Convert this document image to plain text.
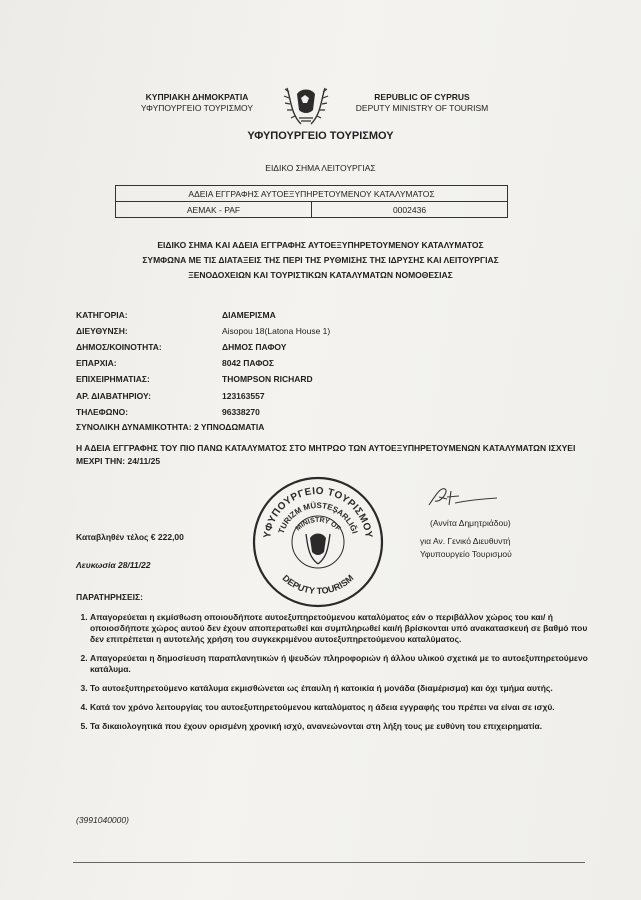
ΚΥΠΡΙΑΚΗ ΔΗΜΟΚΡΑΤΙΑ
ΥΦΥΠΟΥΡΓΕΙΟ ΤΟΥΡΙΣΜΟΥ
REPUBLIC OF CYPRUS
DEPUTY MINISTRY OF TOURISM
ΥΦΥΠΟΥΡΓΕΙΟ ΤΟΥΡΙΣΜΟΥ
ΕΙΔΙΚΟ ΣΗΜΑ ΛΕΙΤΟΥΡΓΙΑΣ
ΑΔΕΙΑ ΕΓΓΡΑΦΗΣ ΑΥΤΟΕΞΥΠΗΡΕΤΟΥΜΕΝΟΥ ΚΑΤΑΛΥΜΑΤΟΣ
ΑΕΜΑΚ - PAF	0002436
ΕΙΔΙΚΟ ΣΗΜΑ ΚΑΙ ΑΔΕΙΑ ΕΓΓΡΑΦΗΣ ΑΥΤΟΕΞΥΠΗΡΕΤΟΥΜΕΝΟΥ ΚΑΤΑΛΥΜΑΤΟΣ
ΣΥΜΦΩΝΑ ΜΕ ΤΙΣ ΔΙΑΤΑΞΕΙΣ ΤΗΣ ΠΕΡΙ ΤΗΣ ΡΥΘΜΙΣΗΣ ΤΗΣ ΙΔΡΥΣΗΣ ΚΑΙ ΛΕΙΤΟΥΡΓΙΑΣ
ΞΕΝΟΔΟΧΕΙΩΝ ΚΑΙ ΤΟΥΡΙΣΤΙΚΩΝ ΚΑΤΑΛΥΜΑΤΩΝ ΝΟΜΟΘΕΣΙΑΣ
ΚΑΤΗΓΟΡΙΑ:	ΔΙΑΜΕΡΙΣΜΑ
ΔΙΕΥΘΥΝΣΗ:	Aisopou 18(Latona House 1)
ΔΗΜΟΣ/ΚΟΙΝΟΤΗΤΑ:	ΔΗΜΟΣ ΠΑΦΟΥ
ΕΠΑΡΧΙΑ:	8042 ΠΑΦΟΣ
ΕΠΙΧΕΙΡΗΜΑΤΙΑΣ:	THOMPSON RICHARD
ΑΡ. ΔΙΑΒΑΤΗΡΙΟΥ:	123163557
ΤΗΛΕΦΩΝΟ:	96338270
ΣΥΝΟΛΙΚΗ ΔΥΝΑΜΙΚΟΤΗΤΑ: 2 ΥΠΝΟΔΩΜΑΤΙΑ
Η ΑΔΕΙΑ ΕΓΓΡΑΦΗΣ ΤΟΥ ΠΙΟ ΠΑΝΩ ΚΑΤΑΛΥΜΑΤΟΣ ΣΤΟ ΜΗΤΡΩΟ ΤΩΝ ΑΥΤΟΕΞΥΠΗΡΕΤΟΥΜΕΝΩΝ ΚΑΤΑΛΥΜΑΤΩΝ ΙΣΧΥΕΙ ΜΕΧΡΙ ΤΗΝ: 24/11/25
ΥΦΥΠΟΥΡΓΕΙΟ ΤΟΥΡΙΣΜΟΥ
TURIZM MÜSTEŞARLIĞI
MINISTRY OF
DEPUTY TOURISM
(Αννίτα Δημητριάδου)
για Αν. Γενικό Διευθυντή
Υφυπουργείο Τουρισμού
Καταβληθέν τέλος € 222,00
Λευκωσία 28/11/22
ΠΑΡΑΤΗΡΗΣΕΙΣ:
1. Απαγορεύεται η εκμίσθωση οποιουδήποτε αυτοεξυπηρετούμενου καταλύματος εάν ο περιβάλλον χώρος του και/ ή οποιοσδήποτε χώρος αυτού δεν έχουν αποπερατωθεί και συμπληρωθεί και/ή βρίσκονται υπό ανακατασκευή σε βαθμό που δεν επιτρέπεται η αυτοτελής χρήση του συγκεκριμένου αυτοεξυπηρετούμενου καταλύματος.
2. Απαγορεύεται η δημοσίευση παραπλανητικών ή ψευδών πληροφοριών ή άλλου υλικού σχετικά με το αυτοεξυπηρετούμενο κατάλυμα.
3. Το αυτοεξυπηρετούμενο κατάλυμα εκμισθώνεται ως έπαυλη ή κατοικία ή μονάδα (διαμέρισμα) και όχι τμήμα αυτής.
4. Κατά τον χρόνο λειτουργίας του αυτοεξυπηρετούμενου καταλύματος η άδεια εγγραφής του πρέπει να είναι σε ισχύ.
5. Τα δικαιολογητικά που έχουν ορισμένη χρονική ισχύ, ανανεώνονται στη λήξη τους με ευθύνη του επιχειρηματία.
(3991040000)
